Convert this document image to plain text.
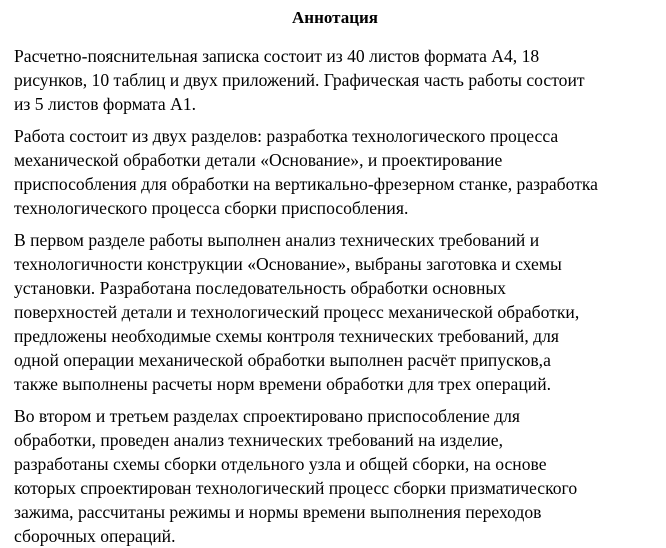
Аннотация
Расчетно-пояснительная записка состоит из 40 листов формата А4, 18
рисунков, 10 таблиц и двух приложений. Графическая часть работы состоит
из 5 листов формата А1.
Работа состоит из двух разделов: разработка технологического процесса
механической обработки детали «Основание», и проектирование
приспособления для обработки на вертикально-фрезерном станке, разработка
технологического процесса сборки приспособления.
В первом разделе работы выполнен анализ технических требований и
технологичности конструкции «Основание», выбраны заготовка и схемы
установки. Разработана последовательность обработки основных
поверхностей детали и технологический процесс механической обработки,
предложены необходимые схемы контроля технических требований, для
одной операции механической обработки выполнен расчёт припусков,а
также выполнены расчеты норм времени обработки для трех операций.
Во втором и третьем разделах спроектировано приспособление для
обработки, проведен анализ технических требований на изделие,
разработаны схемы сборки отдельного узла и общей сборки, на основе
которых спроектирован технологический процесс сборки призматического
зажима, рассчитаны режимы и нормы времени выполнения переходов
сборочных операций.
